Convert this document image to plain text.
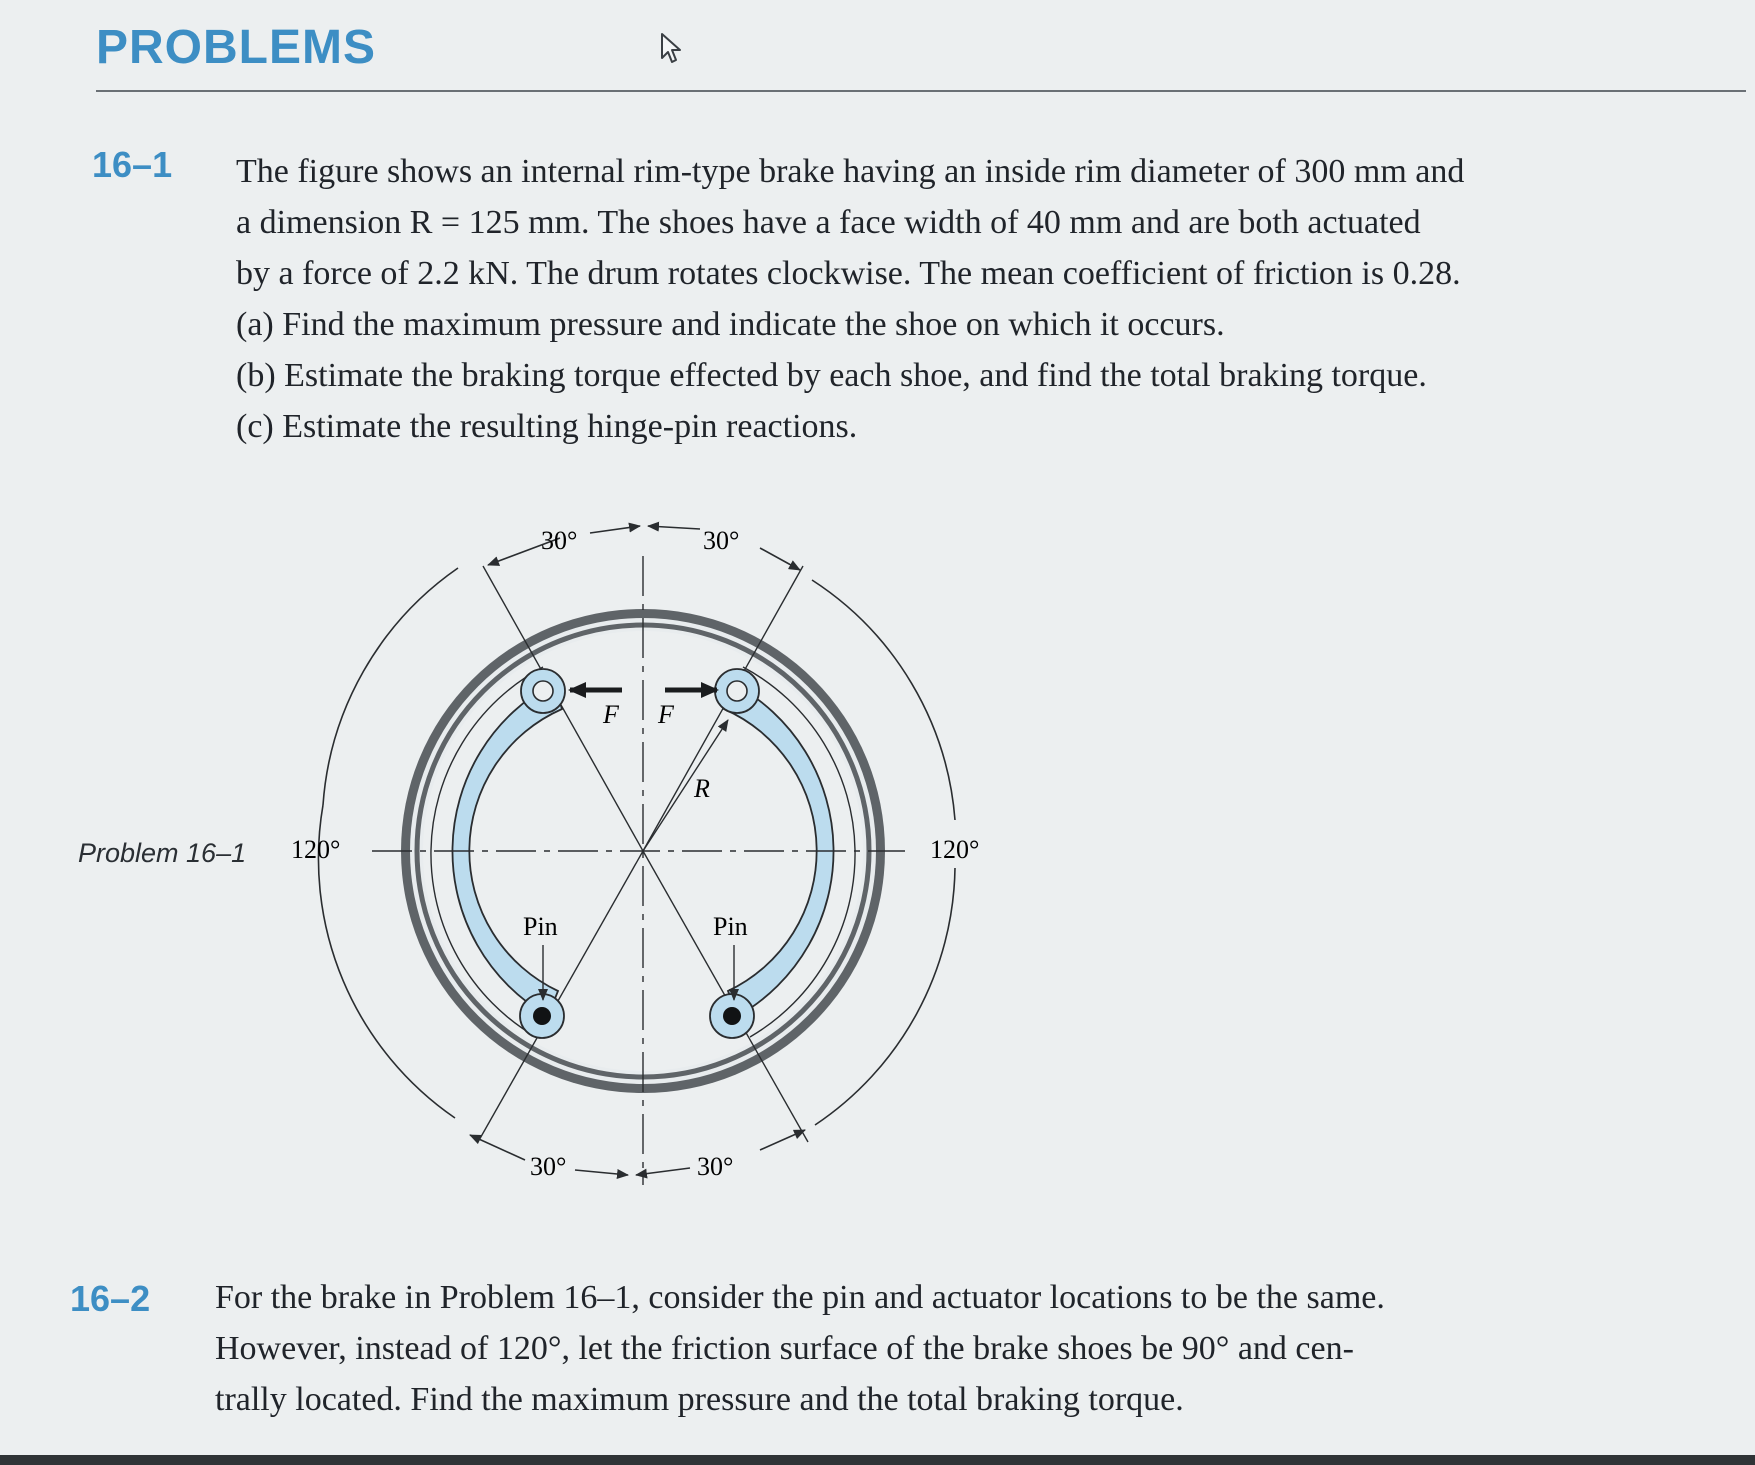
PROBLEMS
16–1 The figure shows an internal rim-type brake having an inside rim diameter of 300 mm and

a dimension R = 125 mm. The shoes have a face width of 40 mm and are both actuated

by a force of 2.2 kN. The drum rotates clockwise. The mean coefficient of friction is 0.28.

(a) Find the maximum pressure and indicate the shoe on which it occurs.

(b) Estimate the braking torque effected by each shoe, and find the total braking torque.

(c) Estimate the resulting hinge-pin reactions.

Problem 16–1
30°	30°
30°	30°
120°	120°
F F
R
Pin	Pin
16–2 For the brake in Problem 16–1, consider the pin and actuator locations to be the same.

However, instead of 120°, let the friction surface of the brake shoes be 90° and cen-

trally located. Find the maximum pressure and the total braking torque.
